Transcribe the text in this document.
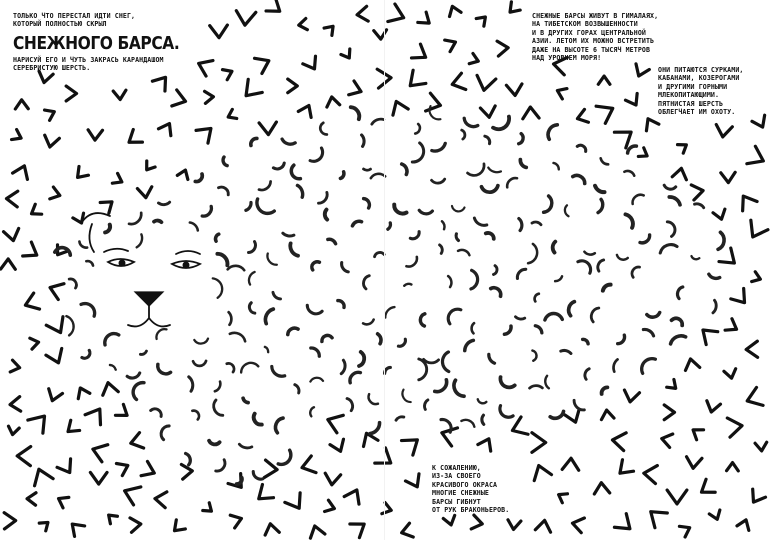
ТОЛЬКО ЧТО ПЕРЕСТАЛ ИДТИ СНЕГ,
КОТОРЫЙ ПОЛНОСТЬЮ СКРЫЛ
СНЕЖНОГО БАРСА.
НАРИСУЙ ЕГО И ЧУТЬ ЗАКРАСЬ КАРАНДАШОМ
СЕРЕБРИСТУЮ ШЕРСТЬ.
СНЕЖНЫЕ БАРСЫ ЖИВУТ В ГИМАЛАЯХ,
НА ТИБЕТСКОМ ВОЗВЫШЕННОСТИ
И В ДРУГИХ ГОРАХ ЦЕНТРАЛЬНОЙ
АЗИИ. ЛЕТОМ ИХ МОЖНО ВСТРЕТИТЬ
ДАЖЕ НА ВЫСОТЕ 6 ТЫСЯЧ МЕТРОВ
НАД УРОВНЕМ МОРЯ!
ОНИ ПИТАЮТСЯ СУРКАМИ,
КАБАНАМИ, КОЗЕРОГАМИ
И ДРУГИМИ ГОРНЫМИ
МЛЕКОПИТАЮЩИМИ.
ПЯТНИСТАЯ ШЕРСТЬ
ОБЛЕГЧАЕТ ИМ ОХОТУ.
К СОЖАЛЕНИЮ,
ИЗ-ЗА СВОЕГО
КРАСИВОГО ОКРАСА
МНОГИЕ СНЕЖНЫЕ
БАРСЫ ГИБНУТ
ОТ РУК БРАКОНЬЕРОВ.
